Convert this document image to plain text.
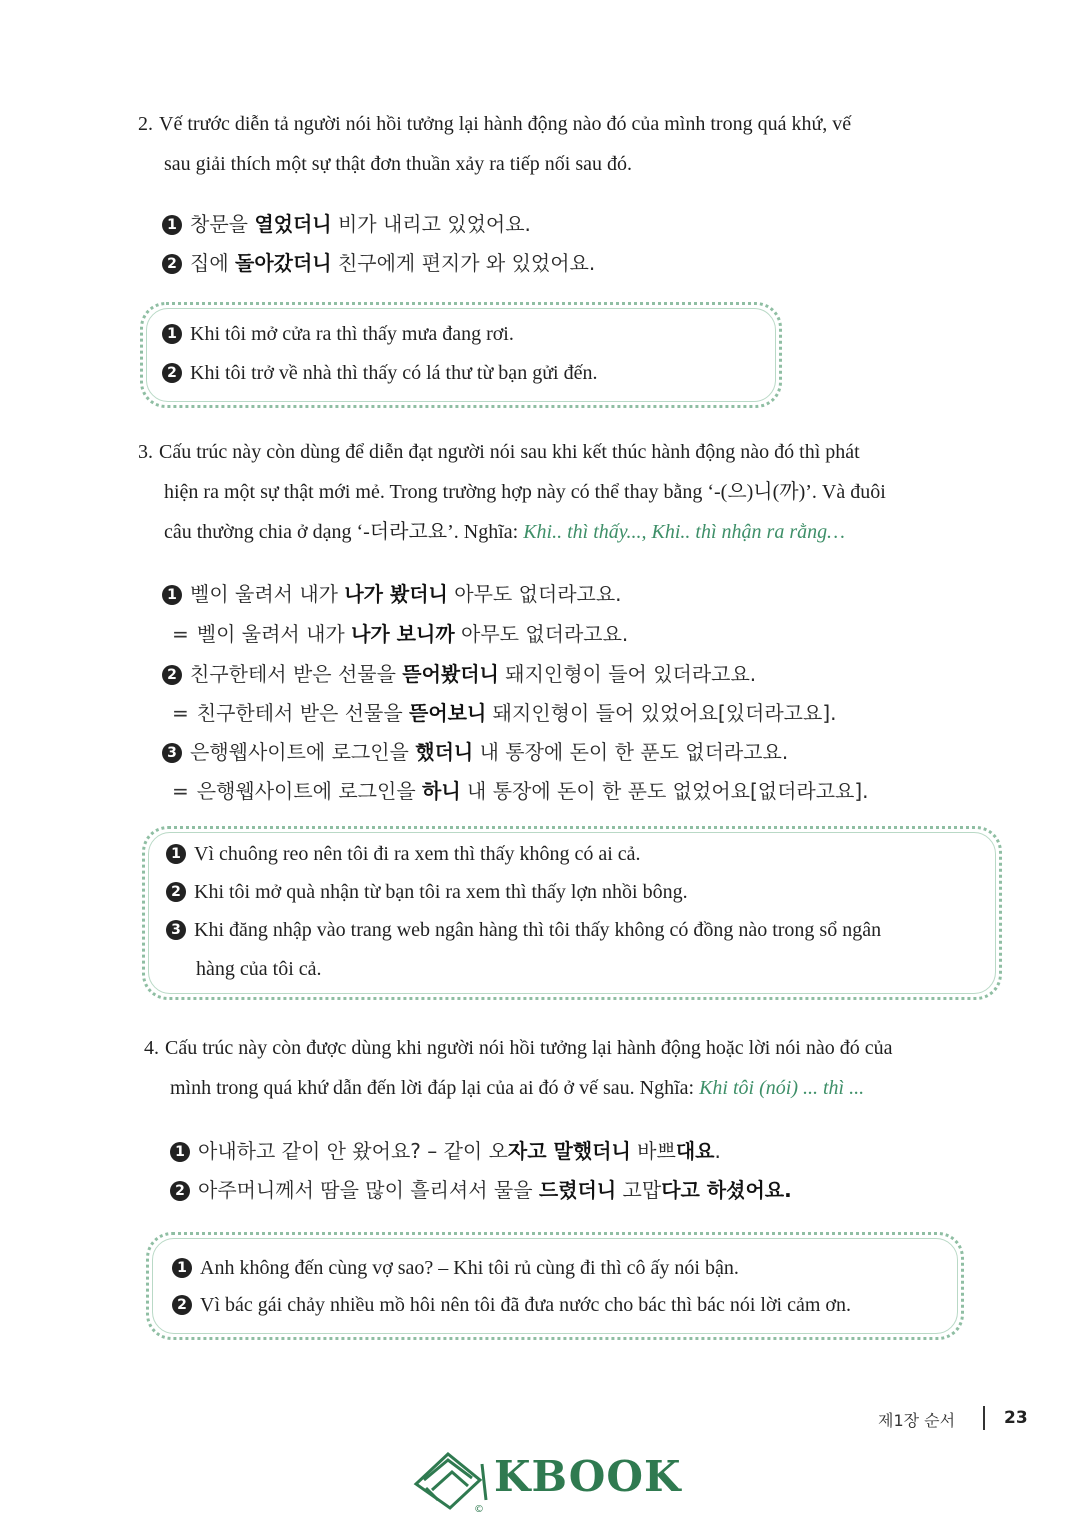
2. Vế trước diễn tả người nói hồi tưởng lại hành động nào đó của mình trong quá khứ, vế
sau giải thích một sự thật đơn thuần xảy ra tiếp nối sau đó.
1 창문을 열었더니 비가 내리고 있었어요.
2 집에 돌아갔더니 친구에게 편지가 와 있었어요.
1 Khi tôi mở cửa ra thì thấy mưa đang rơi.
2 Khi tôi trở về nhà thì thấy có lá thư từ bạn gửi đến.
3. Cấu trúc này còn dùng để diễn đạt người nói sau khi kết thúc hành động nào đó thì phát
hiện ra một sự thật mới mẻ. Trong trường hợp này có thể thay bằng ‘-(으)니(까)’. Và đuôi
câu thường chia ở dạng ‘-더라고요’. Nghĩa: Khi.. thì thấy..., Khi.. thì nhận ra rằng…
1 벨이 울려서 내가 나가 봤더니 아무도 없더라고요.
= 벨이 울려서 내가 나가 보니까 아무도 없더라고요.
2 친구한테서 받은 선물을 뜯어봤더니 돼지인형이 들어 있더라고요.
= 친구한테서 받은 선물을 뜯어보니 돼지인형이 들어 있었어요[있더라고요].
3 은행웹사이트에 로그인을 했더니 내 통장에 돈이 한 푼도 없더라고요.
= 은행웹사이트에 로그인을 하니 내 통장에 돈이 한 푼도 없었어요[없더라고요].
1 Vì chuông reo nên tôi đi ra xem thì thấy không có ai cả.
2 Khi tôi mở quà nhận từ bạn tôi ra xem thì thấy lợn nhồi bông.
3 Khi đăng nhập vào trang web ngân hàng thì tôi thấy không có đồng nào trong sổ ngân
hàng của tôi cả.
4. Cấu trúc này còn được dùng khi người nói hồi tưởng lại hành động hoặc lời nói nào đó của
mình trong quá khứ dẫn đến lời đáp lại của ai đó ở vế sau. Nghĩa: Khi tôi (nói) ... thì ...
1 아내하고 같이 안 왔어요? – 같이 오자고 말했더니 바쁘대요.
2 아주머니께서 땀을 많이 흘리셔서 물을 드렸더니 고맙다고 하셨어요.
1 Anh không đến cùng vợ sao? – Khi tôi rủ cùng đi thì cô ấy nói bận.
2 Vì bác gái chảy nhiều mồ hôi nên tôi đã đưa nước cho bác thì bác nói lời cảm ơn.
제1장 순서	23
©
KBOOK
